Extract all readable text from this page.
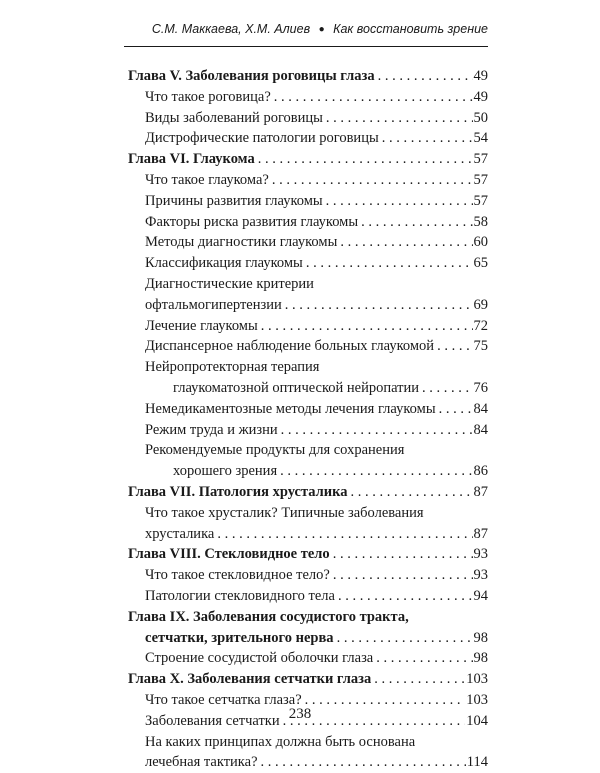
С.М. Маккаева, Х.М. Алиев ● Как восстановить зрение
Глава V. Заболевания роговицы глаза . . .	49
Что такое роговица? . . .	49
Виды заболеваний роговицы . . .	50
Дистрофические патологии роговицы . . .	54
Глава VI. Глаукома . . .	57
Что такое глаукома? . . .	57
Причины развития глаукомы . . .	57
Факторы риска развития глаукомы . . .	58
Методы диагностики глаукомы . . .	60
Классификация глаукомы . . .	65
Диагностические критерии
офтальмогипертензии . . .	69
Лечение глаукомы . . .	72
Диспансерное наблюдение больных глаукомой . . .	75
Нейропротекторная терапия
глаукоматозной оптической нейропатии . . .	76
Немедикаментозные методы лечения глаукомы . . .	84
Режим труда и жизни . . .	84
Рекомендуемые продукты для сохранения
хорошего зрения . . .	86
Глава VII. Патология хрусталика . . .	87
Что такое хрусталик? Типичные заболевания
хрусталика . . .	87
Глава VIII. Стекловидное тело . . .	93
Что такое стекловидное тело? . . .	93
Патологии стекловидного тела . . .	94
Глава IX. Заболевания сосудистого тракта,
сетчатки, зрительного нерва . . .	98
Строение сосудистой оболочки глаза . . .	98
Глава X. Заболевания сетчатки глаза . . .	103
Что такое сетчатка глаза? . . .	103
Заболевания сетчатки . . .	104
На каких принципах должна быть основана
лечебная тактика? . . .	114
238
